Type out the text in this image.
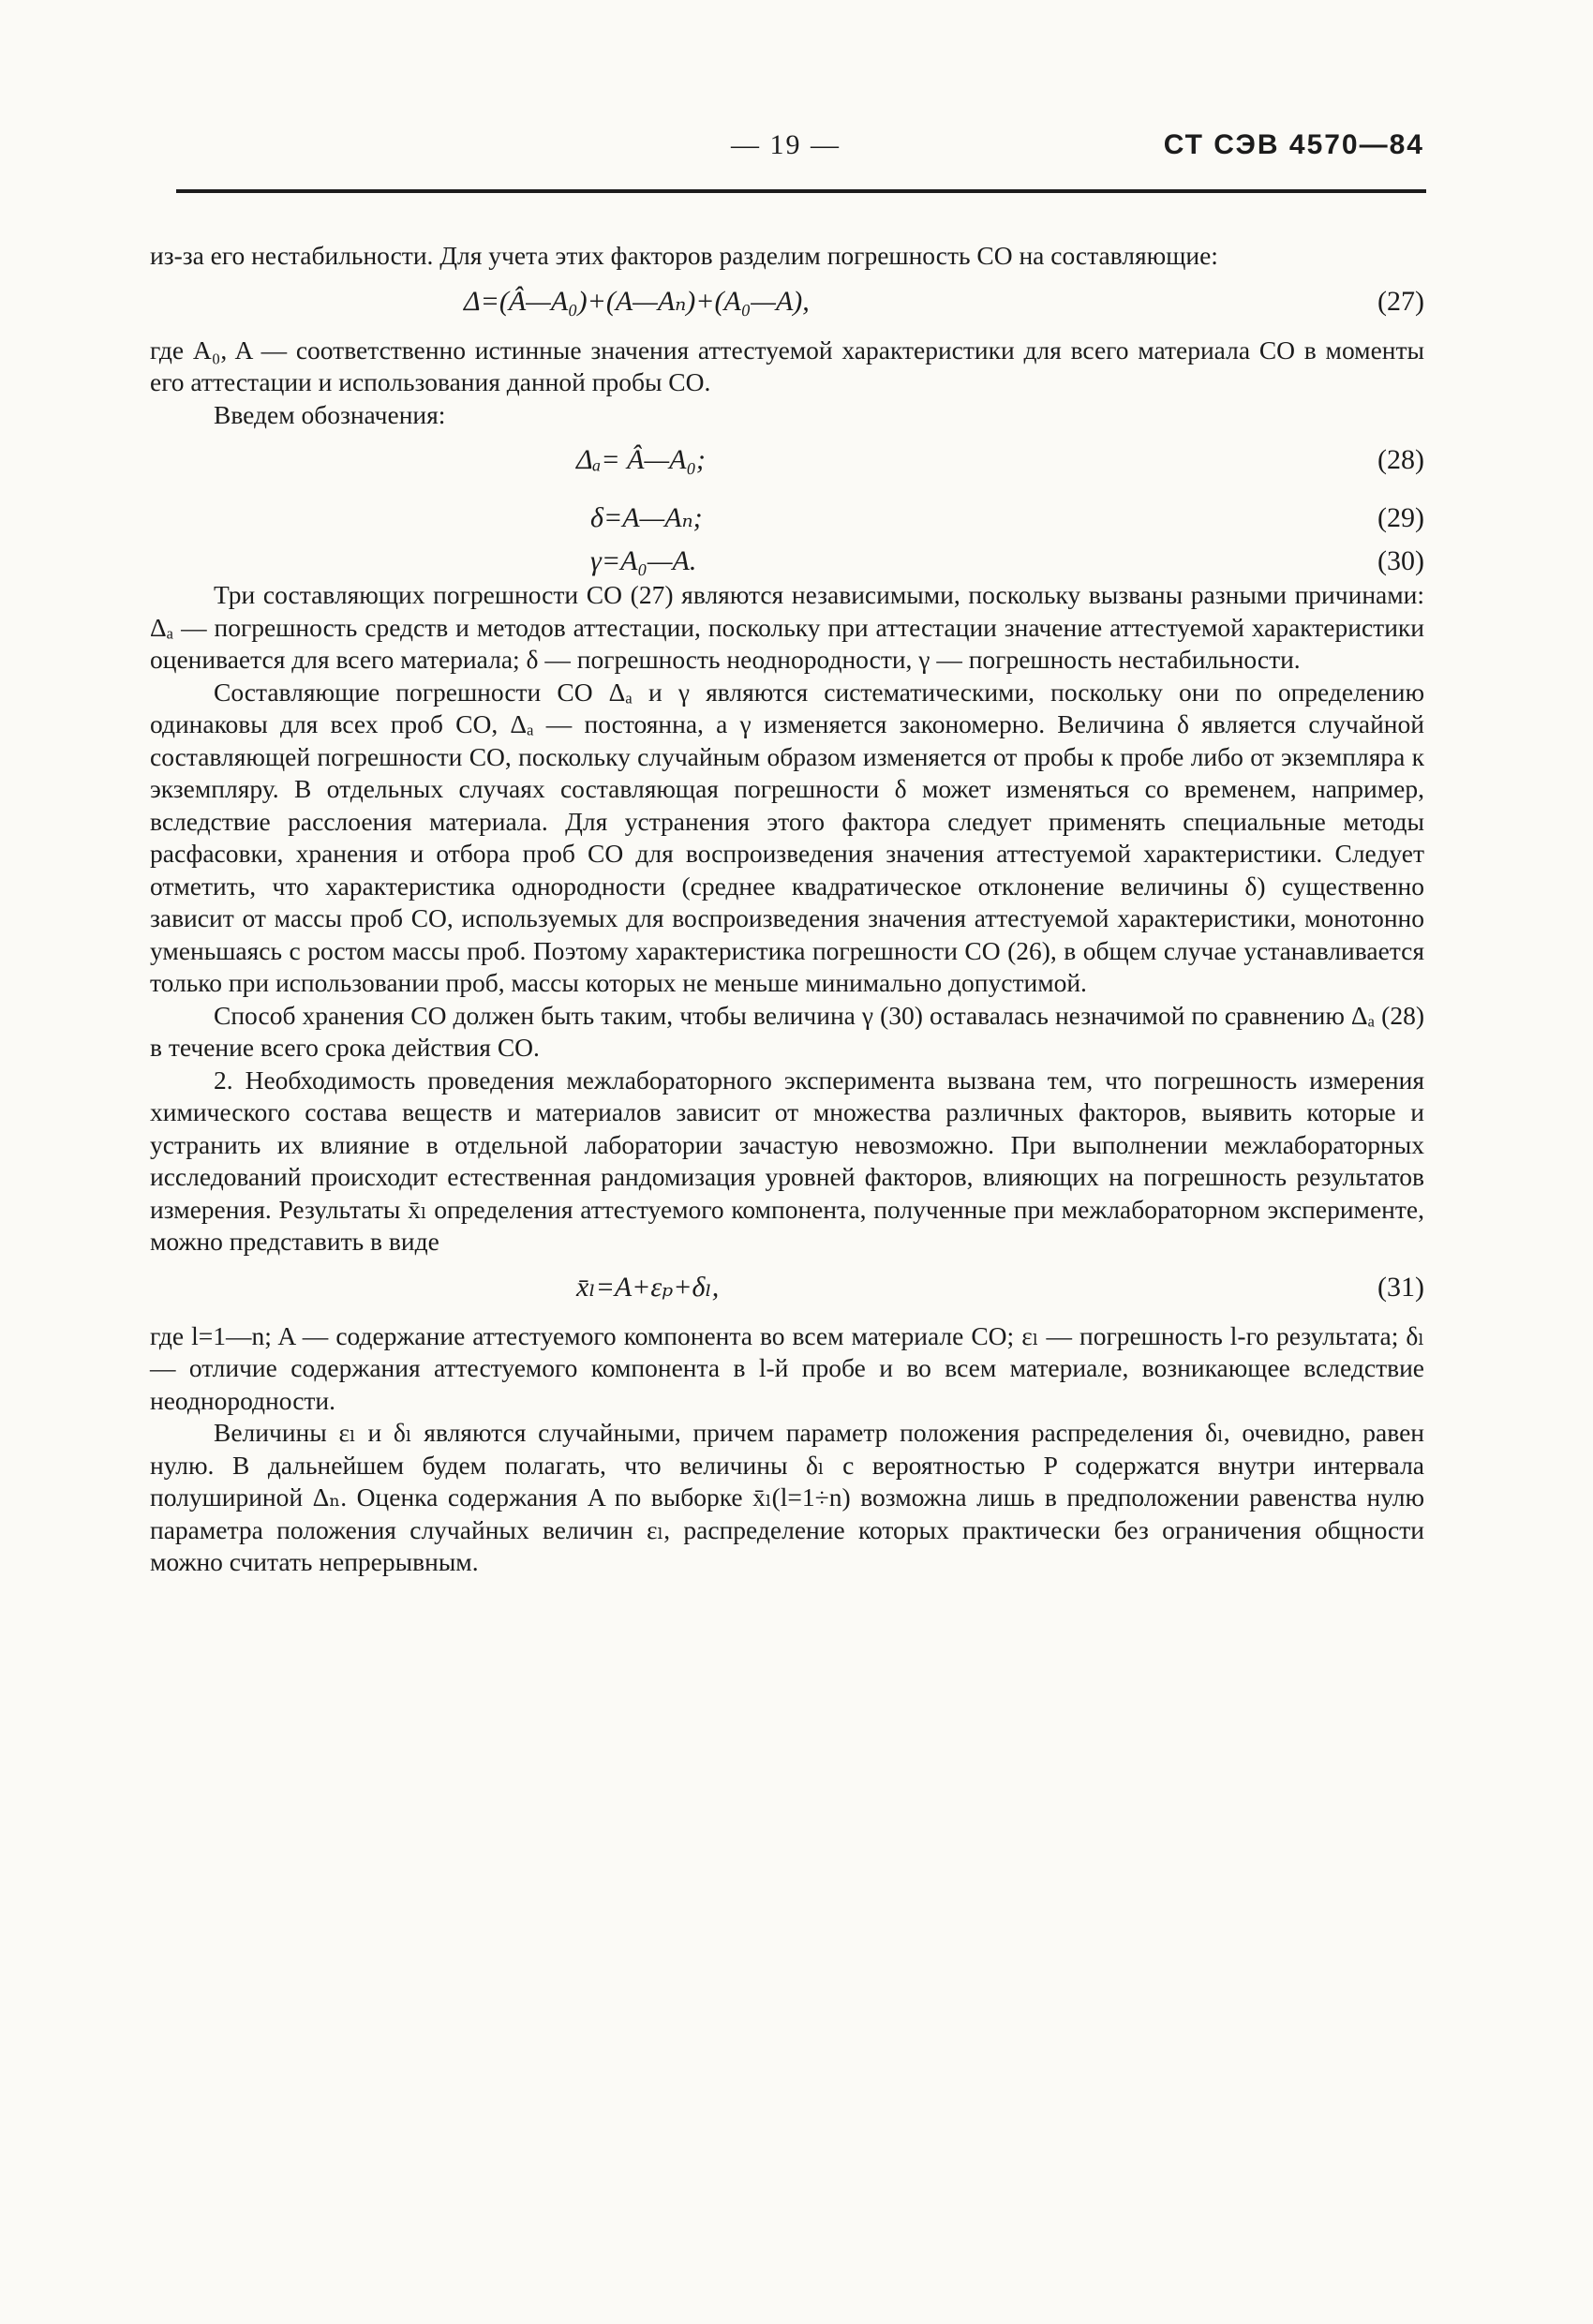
— 19 —	СТ СЭВ 4570—84

из-за его нестабильности. Для учета этих факторов разделим погрешность СО на составляющие:

Δ=(Â—A₀)+(A—Aₙ)+(A₀—A),	(27)

где A₀, A — соответственно истинные значения аттестуемой характеристики для всего материала СО в моменты его аттестации и использования данной пробы СО.

Введем обозначения:

Δₐ= Â—A₀;	(28)
δ=A—Aₙ;	(29)
γ=A₀—A.	(30)

Три составляющих погрешности СО (27) являются независимыми, поскольку вызваны разными причинами: Δₐ — погрешность средств и методов аттестации, поскольку при аттестации значение аттестуемой характеристики оценивается для всего материала; δ — погрешность неоднородности, γ — погрешность нестабильности.

Составляющие погрешности СО Δₐ и γ являются систематическими, поскольку они по определению одинаковы для всех проб СО, Δₐ — постоянна, а γ изменяется закономерно. Величина δ является случайной составляющей погрешности СО, поскольку случайным образом изменяется от пробы к пробе либо от экземпляра к экземпляру. В отдельных случаях составляющая погрешности δ может изменяться со временем, например, вследствие расслоения материала. Для устранения этого фактора следует применять специальные методы расфасовки, хранения и отбора проб СО для воспроизведения значения аттестуемой характеристики. Следует отметить, что характеристика однородности (среднее квадратическое отклонение величины δ) существенно зависит от массы проб СО, используемых для воспроизведения значения аттестуемой характеристики, монотонно уменьшаясь с ростом массы проб. Поэтому характеристика погрешности СО (26), в общем случае устанавливается только при использовании проб, массы которых не меньше минимально допустимой.

Способ хранения СО должен быть таким, чтобы величина γ (30) оставалась незначимой по сравнению Δₐ (28) в течение всего срока действия СО.

2. Необходимость проведения межлабораторного эксперимента вызвана тем, что погрешность измерения химического состава веществ и материалов зависит от множества различных факторов, выявить которые и устранить их влияние в отдельной лаборатории зачастую невозможно. При выполнении межлабораторных исследований происходит естественная рандомизация уровней факторов, влияющих на погрешность результатов измерения. Результаты x̄ₗ определения аттестуемого компонента, полученные при межлабораторном эксперименте, можно представить в виде

x̄ₗ=A+εₚ+δₗ,	(31)

где l=1—n; A — содержание аттестуемого компонента во всем материале СО; εₗ — погрешность l-го результата; δₗ — отличие содержания аттестуемого компонента в l-й пробе и во всем материале, возникающее вследствие неоднородности.

Величины εₗ и δₗ являются случайными, причем параметр положения распределения δₗ, очевидно, равен нулю. В дальнейшем будем полагать, что величины δₗ с вероятностью P содержатся внутри интервала полушириной Δₙ. Оценка содержания A по выборке x̄ₗ(l=1÷n) возможна лишь в предположении равенства нулю параметра положения случайных величин εₗ, распределение которых практически без ограничения общности можно считать непрерывным.
